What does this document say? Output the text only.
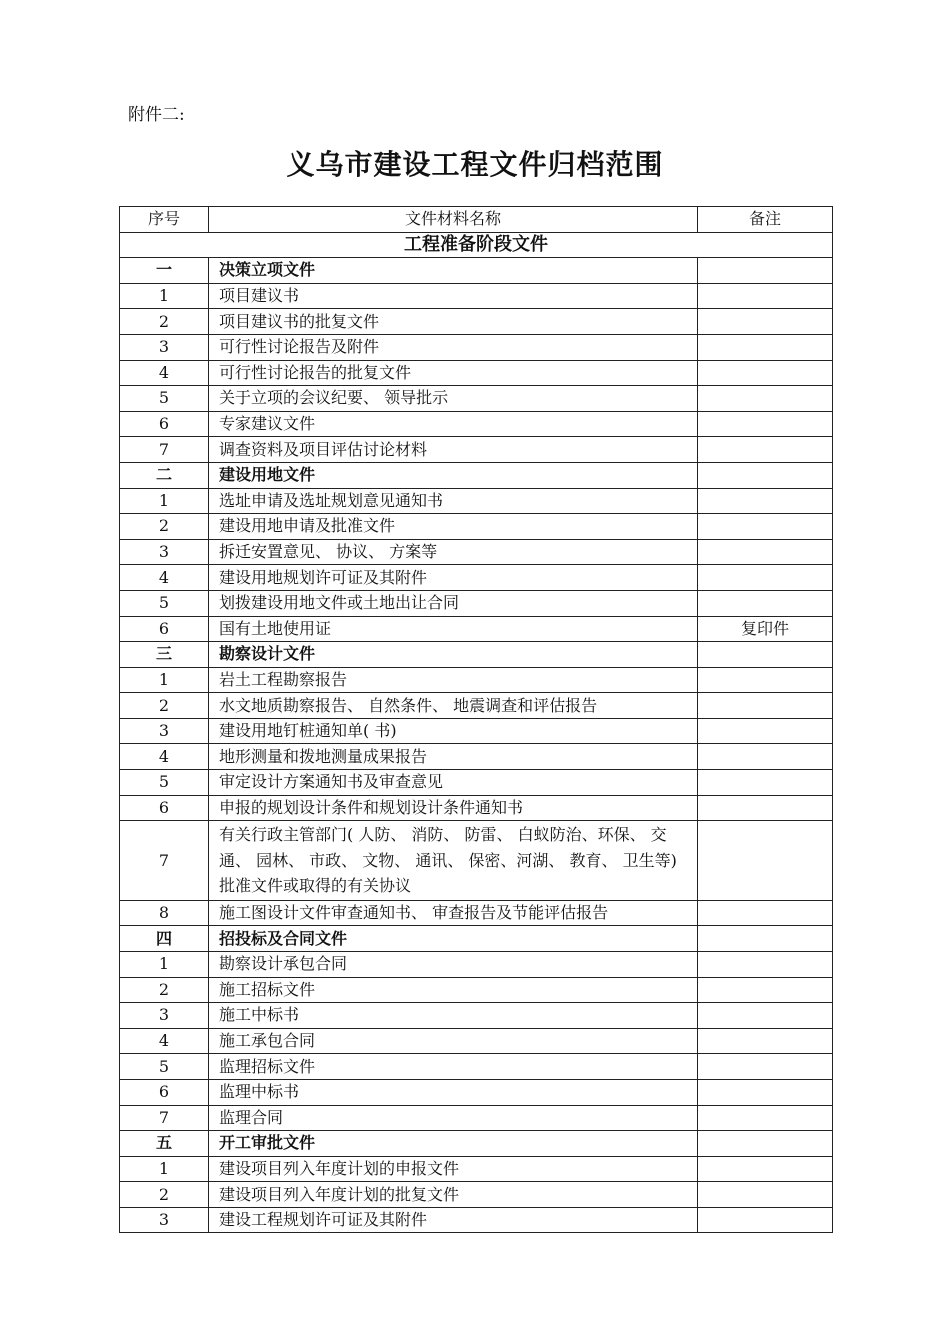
附件二:
义乌市建设工程文件归档范围
序号	文件材料名称	备注
工程准备阶段文件		
一	决策立项文件	
1	项目建议书	
2	项目建议书的批复文件	
3	可行性讨论报告及附件	
4	可行性讨论报告的批复文件	
5	关于立项的会议纪要、 领导批示	
6	专家建议文件	
7	调查资料及项目评估讨论材料	
二	建设用地文件	
1	选址申请及选址规划意见通知书	
2	建设用地申请及批准文件	
3	拆迁安置意见、 协议、 方案等	
4	建设用地规划许可证及其附件	
5	划拨建设用地文件或土地出让合同	
6	国有土地使用证	复印件
三	勘察设计文件	
1	岩土工程勘察报告	
2	水文地质勘察报告、 自然条件、 地震调查和评估报告	
3	建设用地钉桩通知单( 书)	
4	地形测量和拨地测量成果报告	
5	审定设计方案通知书及审查意见	
6	申报的规划设计条件和规划设计条件通知书	
7	有关行政主管部门( 人防、 消防、 防雷、 白蚁防治、环保、 交通、 园林、 市政、 文物、 通讯、 保密、河湖、 教育、 卫生等) 批准文件或取得的有关协议	
8	施工图设计文件审查通知书、 审查报告及节能评估报告	
四	招投标及合同文件	
1	勘察设计承包合同	
2	施工招标文件	
3	施工中标书	
4	施工承包合同	
5	监理招标文件	
6	监理中标书	
7	监理合同	
五	开工审批文件	
1	建设项目列入年度计划的申报文件	
2	建设项目列入年度计划的批复文件	
3	建设工程规划许可证及其附件	
